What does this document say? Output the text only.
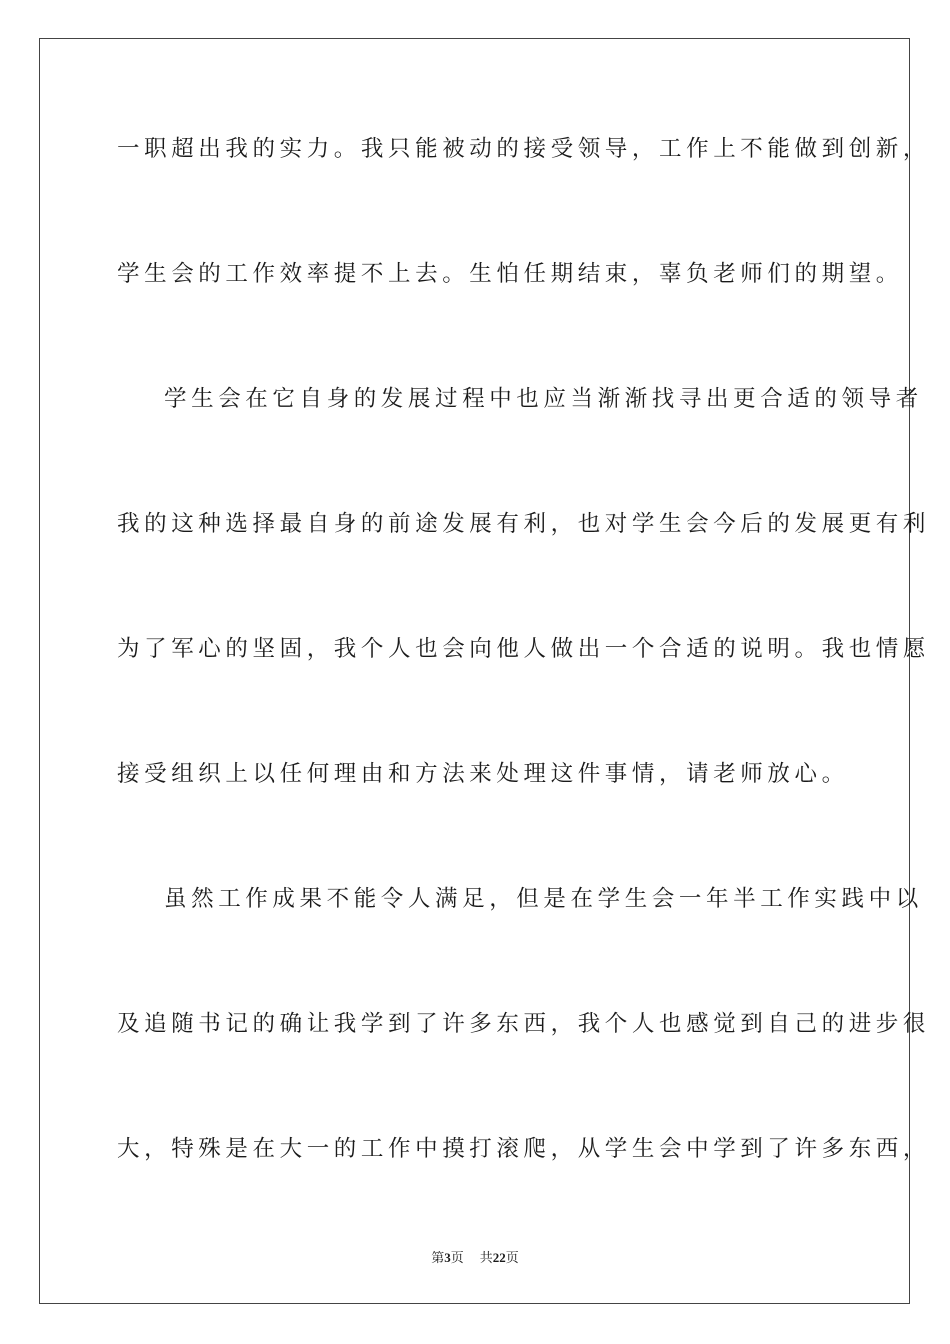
一职超出我的实力。我只能被动的接受领导，工作上不能做到创新，
学生会的工作效率提不上去。生怕任期结束，辜负老师们的期望。
学生会在它自身的发展过程中也应当渐渐找寻出更合适的领导者
我的这种选择最自身的前途发展有利，也对学生会今后的发展更有利
为了军心的坚固，我个人也会向他人做出一个合适的说明。我也情愿
接受组织上以任何理由和方法来处理这件事情，请老师放心。
虽然工作成果不能令人满足，但是在学生会一年半工作实践中以
及追随书记的确让我学到了许多东西，我个人也感觉到自己的进步很
大，特殊是在大一的工作中摸打滚爬，从学生会中学到了许多东西，
第3页 共22页
